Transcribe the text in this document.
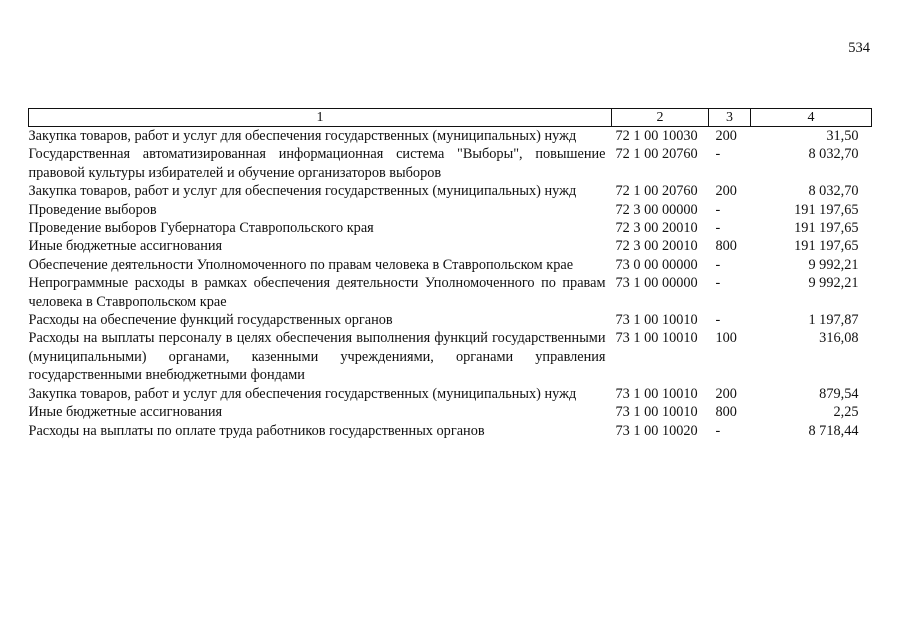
534
1	2	3	4
Закупка товаров, работ и услуг для обеспечения государственных (муниципальных) нужд	72 1 00 10030	200	31,50
Государственная автоматизированная информационная система "Выборы", повышение правовой культуры избирателей и обучение организаторов выборов	72 1 00 20760	-	8 032,70
Закупка товаров, работ и услуг для обеспечения государственных (муниципальных) нужд	72 1 00 20760	200	8 032,70
Проведение выборов	72 3 00 00000	-	191 197,65
Проведение выборов Губернатора Ставропольского края	72 3 00 20010	-	191 197,65
Иные бюджетные ассигнования	72 3 00 20010	800	191 197,65
Обеспечение деятельности Уполномоченного по правам человека в Ставропольском крае	73 0 00 00000	-	9 992,21
Непрограммные расходы в рамках обеспечения деятельности Уполномоченного по правам человека в Ставропольском крае	73 1 00 00000	-	9 992,21
Расходы на обеспечение функций государственных органов	73 1 00 10010	-	1 197,87
Расходы на выплаты персоналу в целях обеспечения выполнения функций государственными (муниципальными) органами, казенными учреждениями, органами управления государственными внебюджетными фондами	73 1 00 10010	100	316,08
Закупка товаров, работ и услуг для обеспечения государственных (муниципальных) нужд	73 1 00 10010	200	879,54
Иные бюджетные ассигнования	73 1 00 10010	800	2,25
Расходы на выплаты по оплате труда работников государственных органов	73 1 00 10020	-	8 718,44
